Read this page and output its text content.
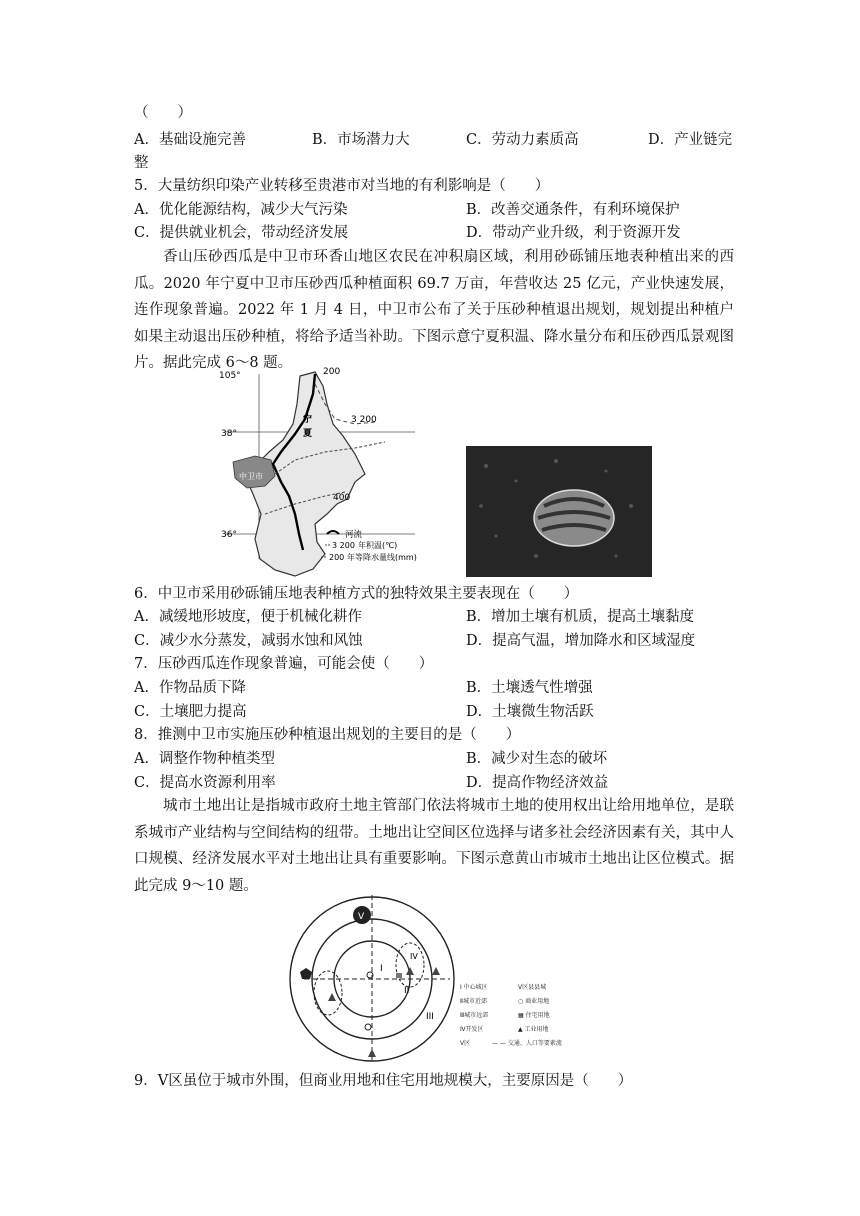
（　　）
A．基础设施完善	B．市场潜力大	C．劳动力素质高	D．产业链完
整
5．大量纺织印染产业转移至贵港市对当地的有利影响是（　　）
A．优化能源结构，减少大气污染	B．改善交通条件，有利环境保护
C．提供就业机会，带动经济发展	D．带动产业升级，利于资源开发

香山压砂西瓜是中卫市环香山地区农民在冲积扇区域，利用砂砾铺压地表种植出来的西瓜。2020 年宁夏中卫市压砂西瓜种植面积 69.7 万亩，年营收达 25 亿元，产业快速发展，连作现象普遍。2022 年 1 月 4 日，中卫市公布了关于压砂种植退出规划，规划提出种植户如果主动退出压砂种植，将给予适当补助。下图示意宁夏积温、降水量分布和压砂西瓜景观图片。据此完成 6～8 题。

105°
38°
36°
200
3 200
400
宁
夏
中卫市
河流
3 200 年积温(℃)
200 年等降水量线(mm)
6．中卫市采用砂砾铺压地表种植方式的独特效果主要表现在（　　）
A．减缓地形坡度，便于机械化耕作	B．增加土壤有机质，提高土壤黏度
C．减少水分蒸发，减弱水蚀和风蚀	D．提高气温，增加降水和区域湿度
7．压砂西瓜连作现象普遍，可能会使（　　）
A．作物品质下降	B．土壤透气性增强
C．土壤肥力提高	D．土壤微生物活跃
8．推测中卫市实施压砂种植退出规划的主要目的是（　　）
A．调整作物种植类型	B．减少对生态的破坏
C．提高水资源利用率	D．提高作物经济效益

城市土地出让是指城市政府土地主管部门依法将城市土地的使用权出让给用地单位，是联系城市产业结构与空间结构的纽带。土地出让空间区位选择与诸多社会经济因素有关，其中人口规模、经济发展水平对土地出让具有重要影响。下图示意黄山市城市土地出让区位模式。据此完成 9～10 题。

V
I
II
III
IV
I 中心城区	Ⅴ区县县城
Ⅱ城市近郊	○ 商业用地
Ⅲ城市远郊	▦ 住宅用地
Ⅳ开发区	▲ 工业用地
Ⅴ区	— — 交通、人口等要素流
9．Ⅴ区虽位于城市外围，但商业用地和住宅用地规模大，主要原因是（　　）
